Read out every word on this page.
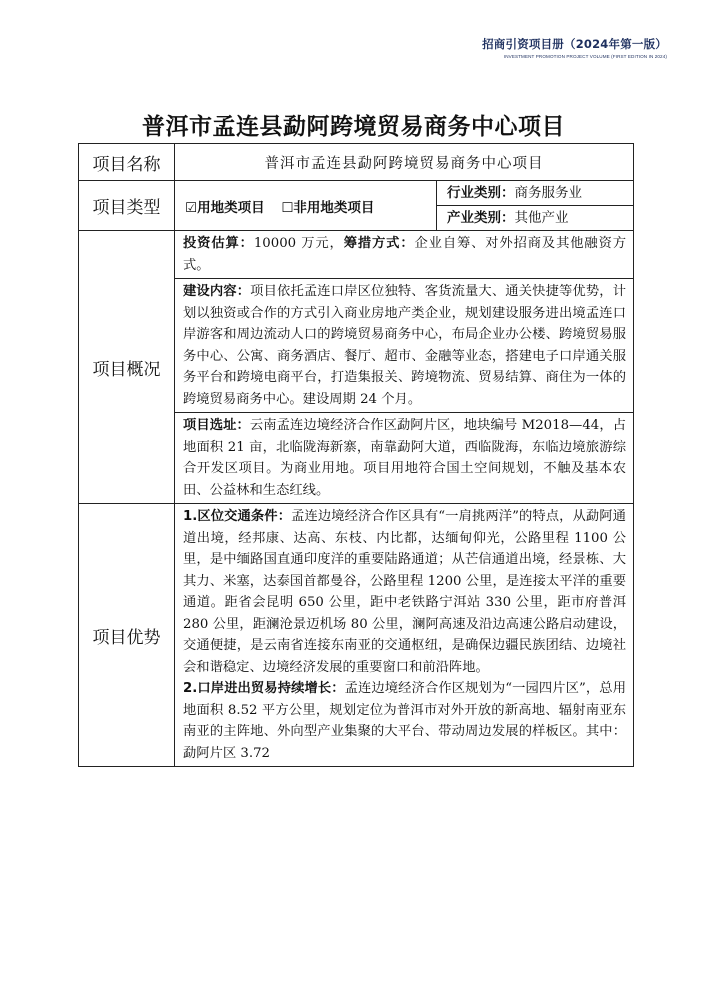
招商引资项目册（2024年第一版）
INVESTMENT PROMOTION PROJECT VOLUME (FIRST EDITION IN 2024)
普洱市孟连县勐阿跨境贸易商务中心项目
项目名称	普洱市孟连县勐阿跨境贸易商务中心项目	
项目类型	☑用地类项目 ☐非用地类项目	行业类别：商务服务业
产业类别：其他产业

项目概况	投资估算：10000 万元，筹措方式：企业自筹、对外招商及其他融资方式。	
	建设内容：项目依托孟连口岸区位独特、客货流量大、通关快捷等优势，计划以独资或合作的方式引入商业房地产类企业，规划建设服务进出境孟连口岸游客和周边流动人口的跨境贸易商务中心，布局企业办公楼、跨境贸易服务中心、公寓、商务酒店、餐厅、超市、金融等业态，搭建电子口岸通关服务平台和跨境电商平台，打造集报关、跨境物流、贸易结算、商住为一体的跨境贸易商务中心。建设周期 24 个月。	
	项目选址：云南孟连边境经济合作区勐阿片区，地块编号 M2018—44，占地面积 21 亩，北临陇海新寨，南靠勐阿大道，西临陇海，东临边境旅游综合开发区项目。为商业用地。项目用地符合国土空间规划，不触及基本农田、公益林和生态红线。	
项目优势	1.区位交通条件：孟连边境经济合作区具有“一肩挑两洋”的特点，从勐阿通道出境，经邦康、达高、东枝、内比都，达缅甸仰光，公路里程 1100 公里，是中缅路国直通印度洋的重要陆路通道；从芒信通道出境，经景栋、大其力、米塞，达泰国首都曼谷，公路里程 1200 公里，是连接太平洋的重要通道。距省会昆明 650 公里，距中老铁路宁洱站 330 公里，距市府普洱 280 公里，距澜沧景迈机场 80 公里，澜阿高速及沿边高速公路启动建设，交通便捷，是云南省连接东南亚的交通枢纽，是确保边疆民族团结、边境社会和谐稳定、边境经济发展的重要窗口和前沿阵地。
2.口岸进出贸易持续增长：孟连边境经济合作区规划为“一园四片区”，总用地面积 8.52 平方公里，规划定位为普洱市对外开放的新高地、辐射南亚东南亚的主阵地、外向型产业集聚的大平台、带动周边发展的样板区。其中：勐阿片区 3.72	
